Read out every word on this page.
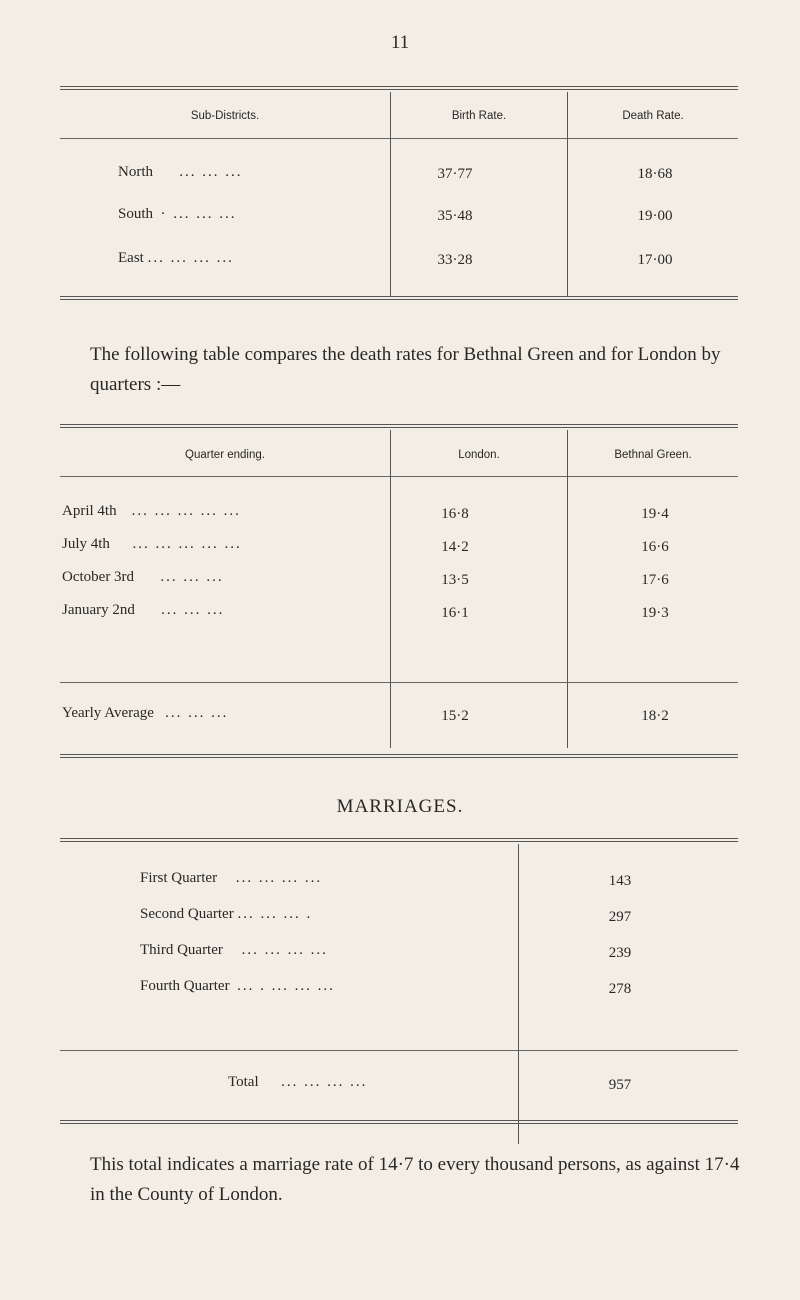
11
Sub-Districts.	Birth Rate.	Death Rate.
North ... ... ...	37·77	18·68
South · ... ... ...	35·48	19·00
East ... ... ... ...	33·28	17·00
The following table compares the death rates for Bethnal Green and for London by quarters :—
Quarter ending.	London.	Bethnal Green.
April 4th ... ... ... ... ...	16·8	19·4
July 4th ... ... ... ... ...	14·2	16·6
October 3rd ... ... ...	13·5	17·6
January 2nd ... ... ...	16·1	19·3
Yearly Average ... ... ...	15·2	18·2
MARRIAGES.
First Quarter ... ... ... ...	143
Second Quarter ... ... ... .	297
Third Quarter ... ... ... ...	239
Fourth Quarter ... . ... ... ...	278
Total ... ... ... ...	957
This total indicates a marriage rate of 14·7 to every thousand persons, as against 17·4 in the County of London.
